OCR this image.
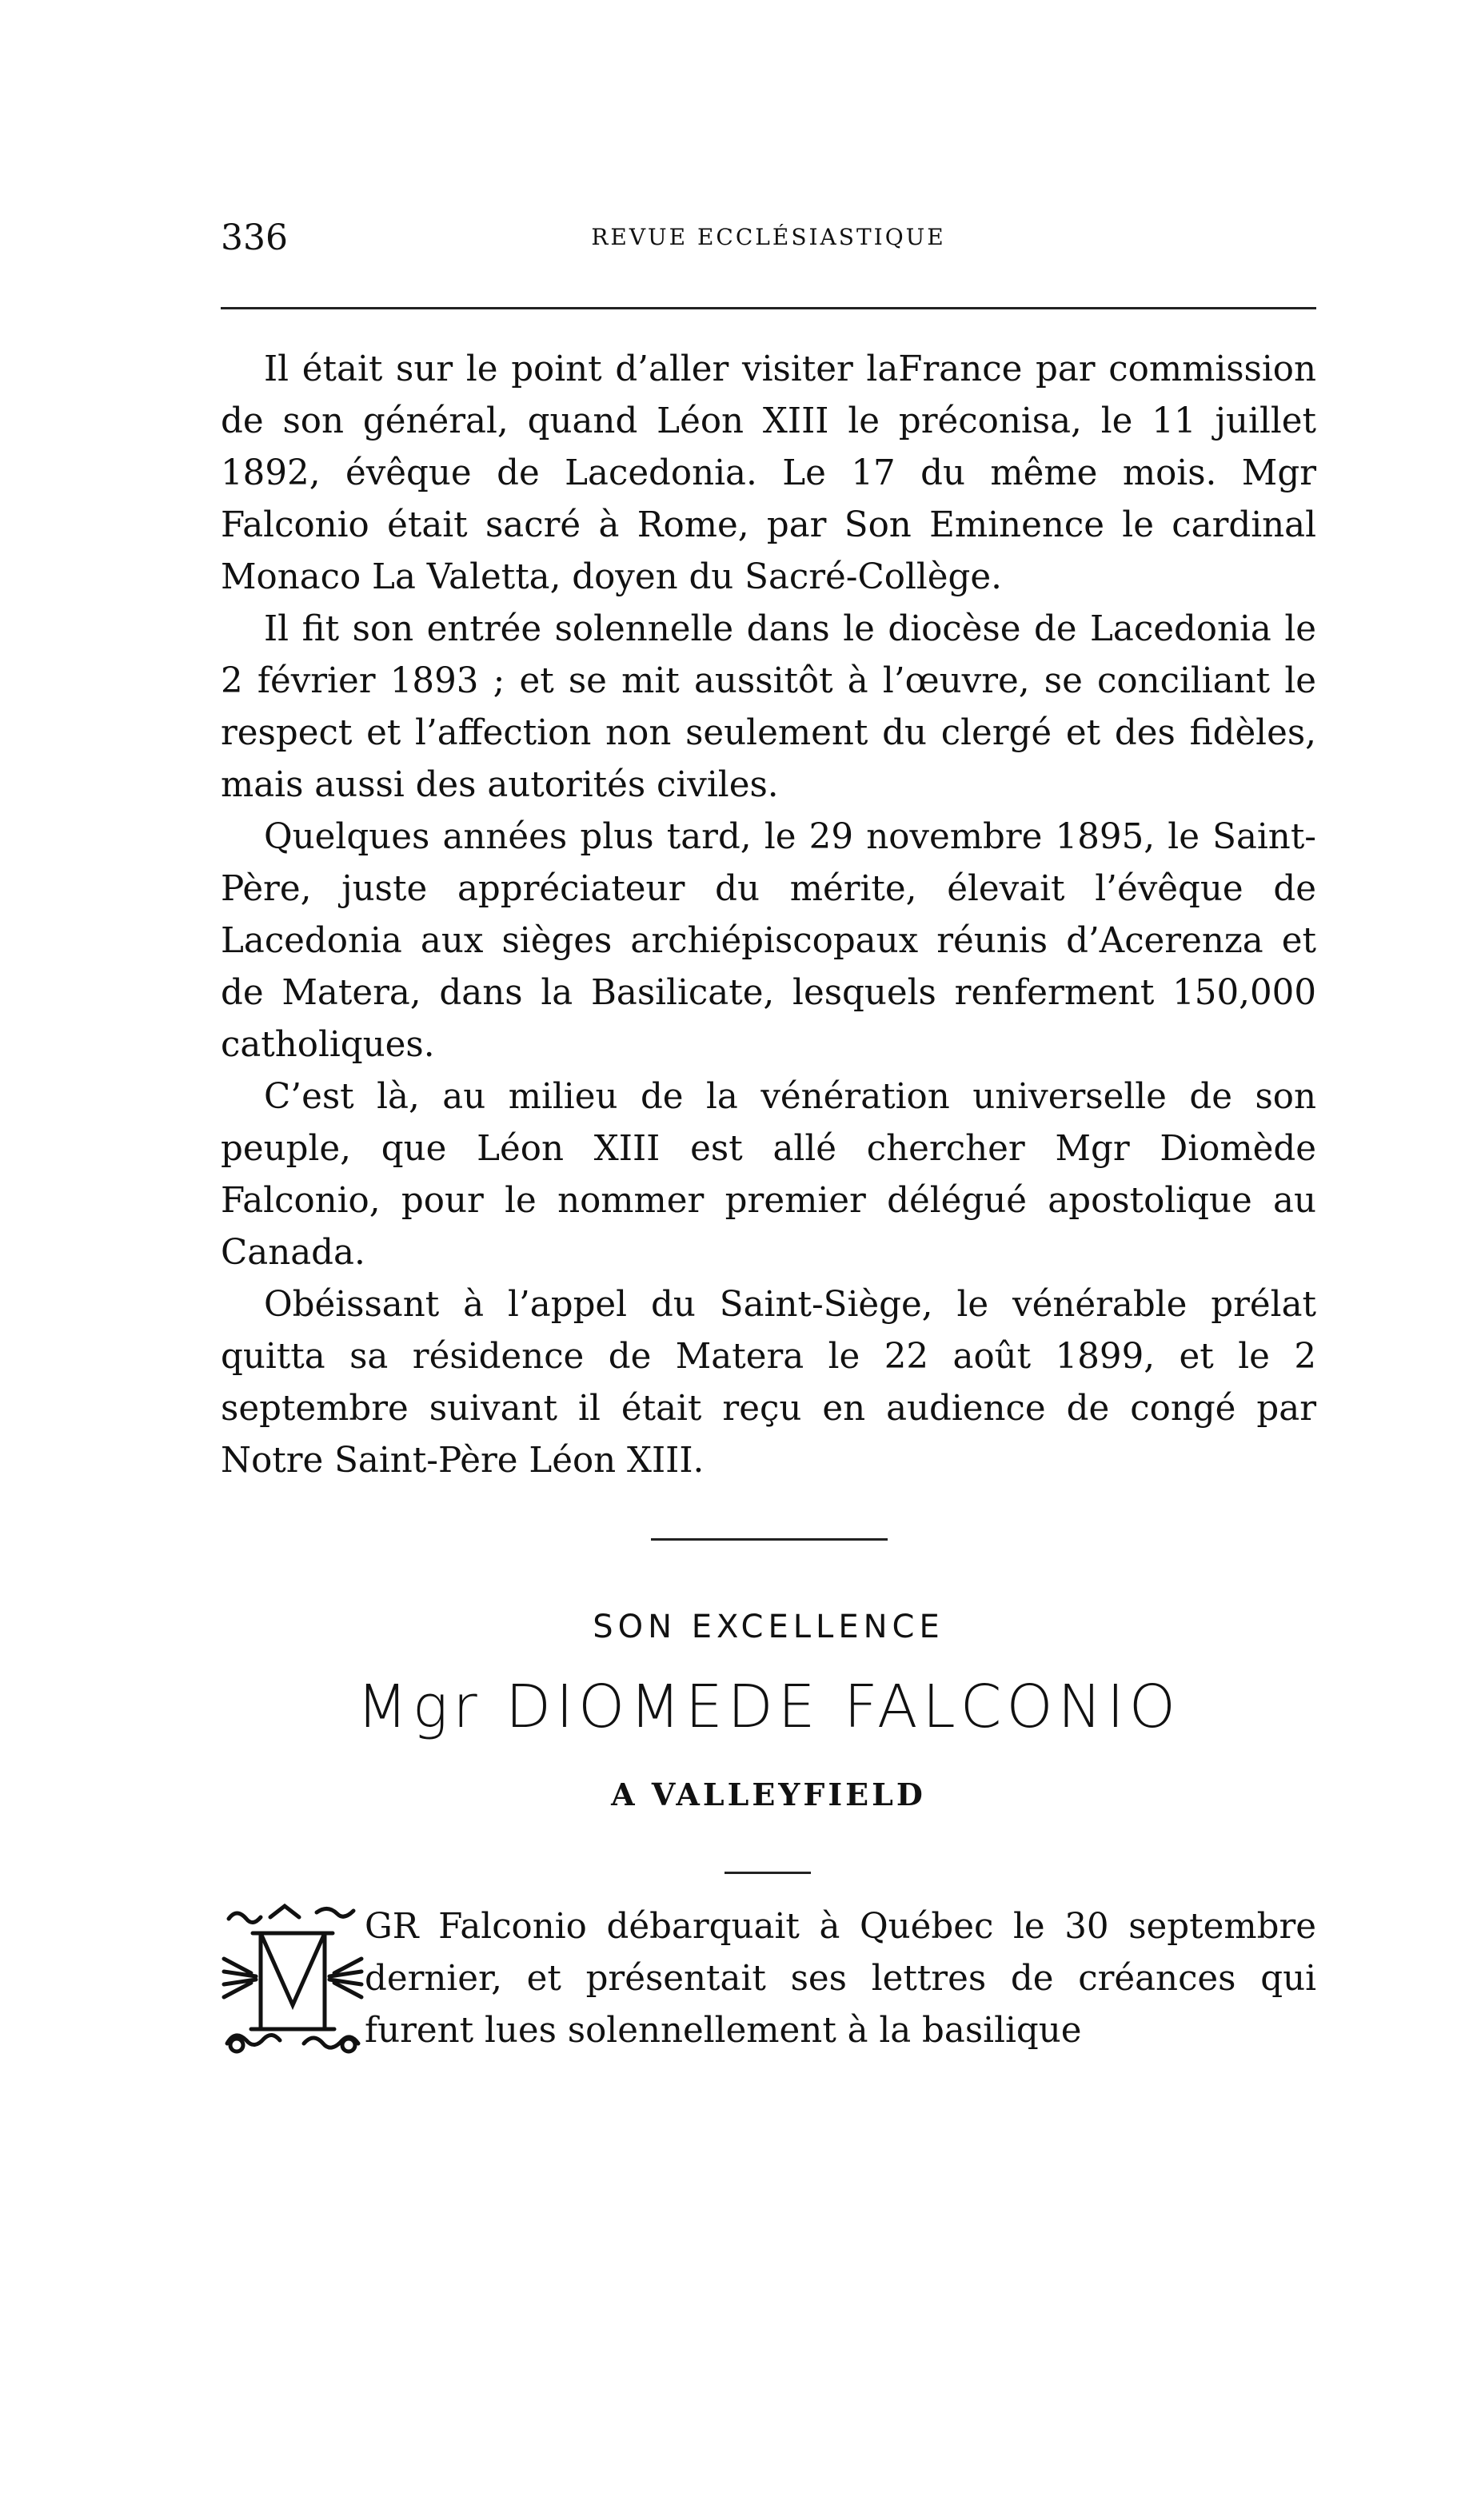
336	REVUE ECCLÉSIASTIQUE

Il était sur le point d’aller visiter laFrance par commission de son général, quand Léon XIII le préconisa, le 11 juillet 1892, évêque de Lacedonia. Le 17 du même mois. Mgr Falconio était sacré à Rome, par Son Eminence le cardinal Monaco La Valetta, doyen du Sacré-Collège.

Il fit son entrée solennelle dans le diocèse de Lacedonia le 2 février 1893 ; et se mit aussitôt à l’œuvre, se conciliant le respect et l’affection non seulement du clergé et des fidèles, mais aussi des autorités civiles.

Quelques années plus tard, le 29 novembre 1895, le Saint-Père, juste appréciateur du mérite, élevait l’évêque de Lacedonia aux sièges archiépiscopaux réunis d’Acerenza et de Matera, dans la Basilicate, lesquels renferment 150,000 catholiques.

C’est là, au milieu de la vénération universelle de son peuple, que Léon XIII est allé chercher Mgr Diomède Falconio, pour le nommer premier délégué apostolique au Canada.

Obéissant à l’appel du Saint-Siège, le vénérable prélat quitta sa résidence de Matera le 22 août 1899, et le 2 septembre suivant il était reçu en audience de congé par Notre Saint-Père Léon XIII.

SON EXCELLENCE
Mgr DIOMEDE FALCONIO
A VALLEYFIELD
GR Falconio débarquait à Québec le 30 septembre dernier, et présentait ses lettres de créances qui furent lues solennellement à la basilique
